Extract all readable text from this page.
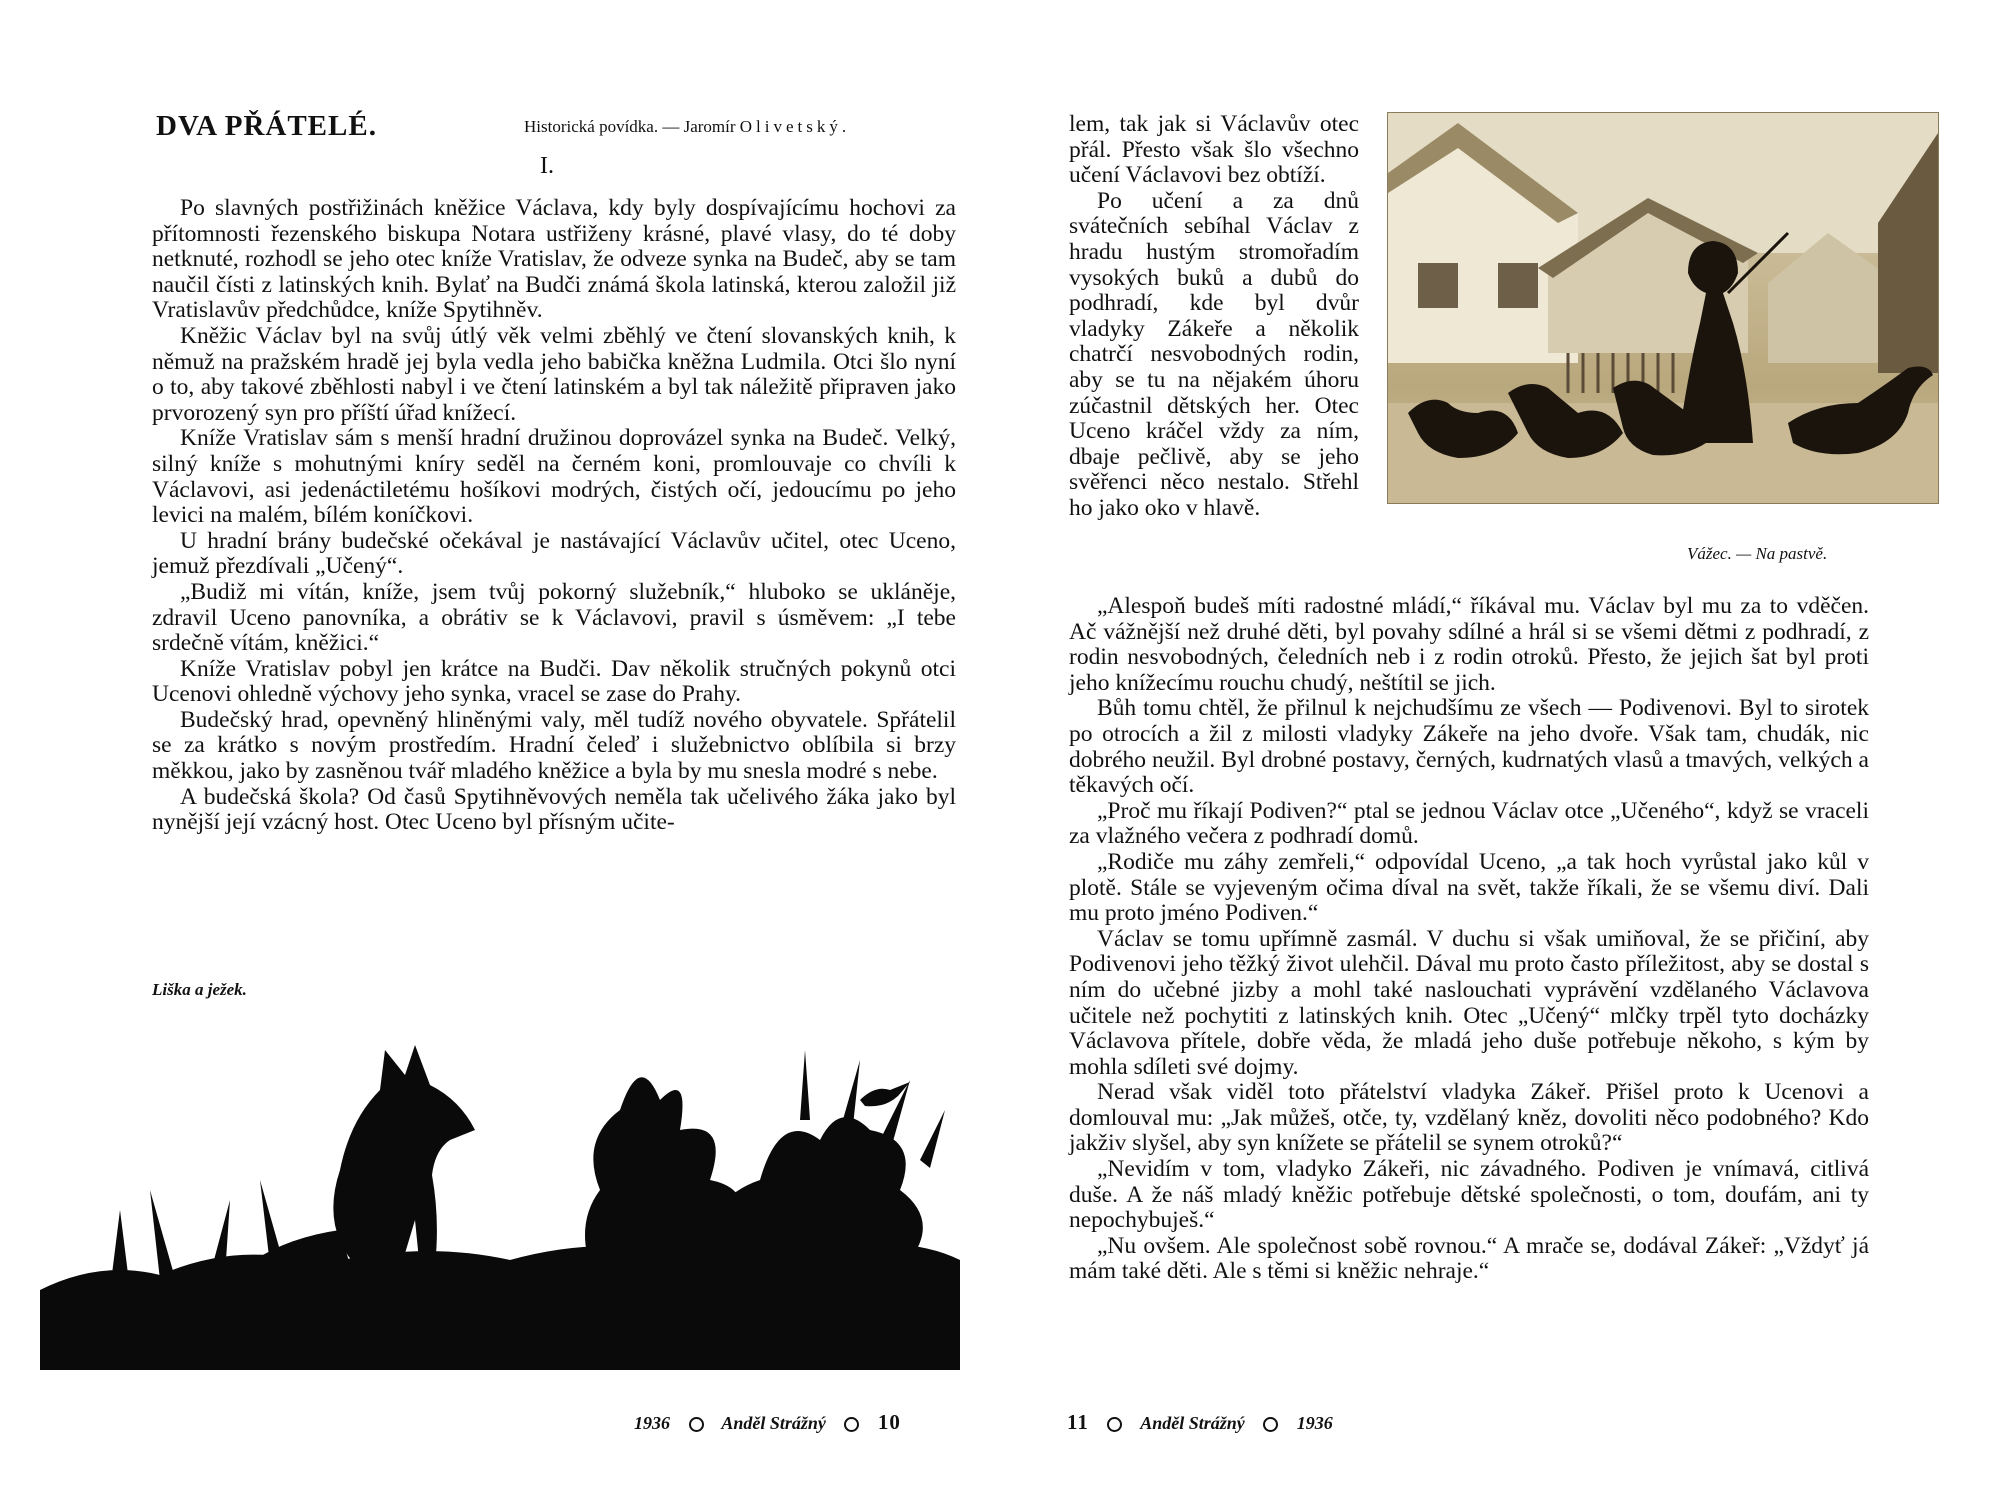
DVA PŘÁTELÉ.	Historická povídka. — Jaromír Olivetský.
I.

Po slavných postřižinách kněžice Václava, kdy byly dospívajícímu hochovi za přítomnosti řezenského biskupa Notara ustřiženy krásné, plavé vlasy, do té doby netknuté, rozhodl se jeho otec kníže Vratislav, že odveze synka na Budeč, aby se tam naučil čísti z latinských knih. Bylať na Budči známá škola latinská, kterou založil již Vratislavův předchůdce, kníže Spytihněv.

Kněžic Václav byl na svůj útlý věk velmi zběhlý ve čtení slovanských knih, k němuž na pražském hradě jej byla vedla jeho babička kněžna Ludmila. Otci šlo nyní o to, aby takové zběhlosti nabyl i ve čtení latinském a byl tak náležitě připraven jako prvorozený syn pro příští úřad knížecí.

Kníže Vratislav sám s menší hradní družinou doprovázel synka na Budeč. Velký, silný kníže s mohutnými kníry seděl na černém koni, promlouvaje co chvíli k Václavovi, asi jedenáctiletému hošíkovi modrých, čistých očí, jedoucímu po jeho levici na malém, bílém koníčkovi.

U hradní brány budečské očekával je nastávající Václavův učitel, otec Uceno, jemuž přezdívali „Učený“.

„Budiž mi vítán, kníže, jsem tvůj pokorný služebník,“ hluboko se ukláněje, zdravil Uceno panovníka, a obrátiv se k Václavovi, pravil s úsměvem: „I tebe srdečně vítám, kněžici.“

Kníže Vratislav pobyl jen krátce na Budči. Dav několik stručných pokynů otci Ucenovi ohledně výchovy jeho synka, vracel se zase do Prahy.

Budečský hrad, opevněný hliněnými valy, měl tudíž nového obyvatele. Spřátelil se za krátko s novým prostředím. Hradní čeleď i služebnictvo oblíbila si brzy měkkou, jako by zasněnou tvář mladého kněžice a byla by mu snesla modré s nebe.

A budečská škola? Od časů Spytihněvových neměla tak učelivého žáka jako byl nynější její vzácný host. Otec Uceno byl přísným učite-

Liška a ježek.
1936	Anděl Strážný 10

lem, tak jak si Václavův otec přál. Přesto však šlo všechno učení Václavovi bez obtíží.

Po učení a za dnů svátečních sebíhal Václav z hradu hustým stromořadím vysokých buků a dubů do podhradí, kde byl dvůr vladyky Zákeře a několik chatrčí nesvobodných rodin, aby se tu na nějakém úhoru zúčastnil dětských her. Otec Uceno kráčel vždy za ním, dbaje pečlivě, aby se jeho svěřenci něco nestalo. Střehl ho jako oko v hlavě.

Vážec. — Na pastvě.

„Alespoň budeš míti radostné mládí,“ říkával mu. Václav byl mu za to vděčen. Ač vážnější než druhé děti, byl povahy sdílné a hrál si se všemi dětmi z podhradí, z rodin nesvobodných, čeledních neb i z rodin otroků. Přesto, že jejich šat byl proti jeho knížecímu rouchu chudý, neštítil se jich.

Bůh tomu chtěl, že přilnul k nejchudšímu ze všech — Podivenovi. Byl to sirotek po otrocích a žil z milosti vladyky Zákeře na jeho dvoře. Však tam, chudák, nic dobrého neužil. Byl drobné postavy, černých, kudrnatých vlasů a tmavých, velkých a těkavých očí.

„Proč mu říkají Podiven?“ ptal se jednou Václav otce „Učeného“, když se vraceli za vlažného večera z podhradí domů.

„Rodiče mu záhy zemřeli,“ odpovídal Uceno, „a tak hoch vyrůstal jako kůl v plotě. Stále se vyjeveným očima díval na svět, takže říkali, že se všemu diví. Dali mu proto jméno Podiven.“

Václav se tomu upřímně zasmál. V duchu si však umiňoval, že se přičiní, aby Podivenovi jeho těžký život ulehčil. Dával mu proto často příležitost, aby se dostal s ním do učebné jizby a mohl také naslouchati vyprávění vzdělaného Václavova učitele než pochytiti z latinských knih. Otec „Učený“ mlčky trpěl tyto docházky Václavova přítele, dobře věda, že mladá jeho duše potřebuje někoho, s kým by mohla sdíleti své dojmy.

Nerad však viděl toto přátelství vladyka Zákeř. Přišel proto k Ucenovi a domlouval mu: „Jak můžeš, otče, ty, vzdělaný kněz, dovoliti něco podobného? Kdo jakživ slyšel, aby syn knížete se přátelil se synem otroků?“

„Nevidím v tom, vladyko Zákeři, nic závadného. Podiven je vnímavá, citlivá duše. A že náš mladý kněžic potřebuje dětské společnosti, o tom, doufám, ani ty nepochybuješ.“

„Nu ovšem. Ale společnost sobě rovnou.“ A mrače se, dodával Zákeř: „Vždyť já mám také děti. Ale s těmi si kněžic nehraje.“

11	Anděl Strážný	1936
